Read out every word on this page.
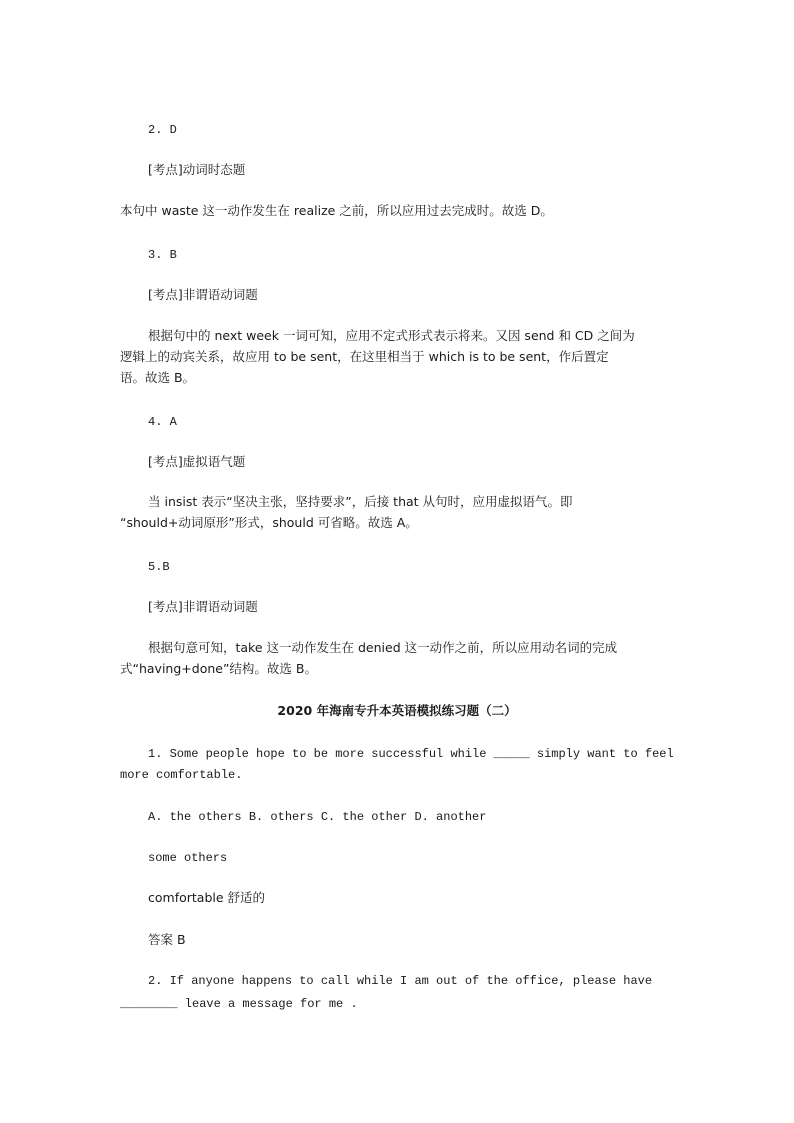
2. D
[考点]动词时态题
本句中 waste 这一动作发生在 realize 之前，所以应用过去完成时。故选 D。
3. B
[考点]非谓语动词题
根据句中的 next week 一词可知，应用不定式形式表示将来。又因 send 和 CD 之间为
逻辑上的动宾关系，故应用 to be sent，在这里相当于 which is to be sent，作后置定
语。故选 B。
4. A
[考点]虚拟语气题
当 insist 表示“坚决主张，坚持要求”，后接 that 从句时，应用虚拟语气。即
“should+动词原形”形式，should 可省略。故选 A。
5.B
[考点]非谓语动词题
根据句意可知，take 这一动作发生在 denied 这一动作之前，所以应用动名词的完成
式“having+done”结构。故选 B。
2020 年海南专升本英语模拟练习题（二）
1. Some people hope to be more successful while _____ simply want to feel
more comfortable.
A. the others B. others C. the other D. another
some others
comfortable 舒适的
答案 B
2. If anyone happens to call while I am out of the office, please have
________ leave a message for me .
